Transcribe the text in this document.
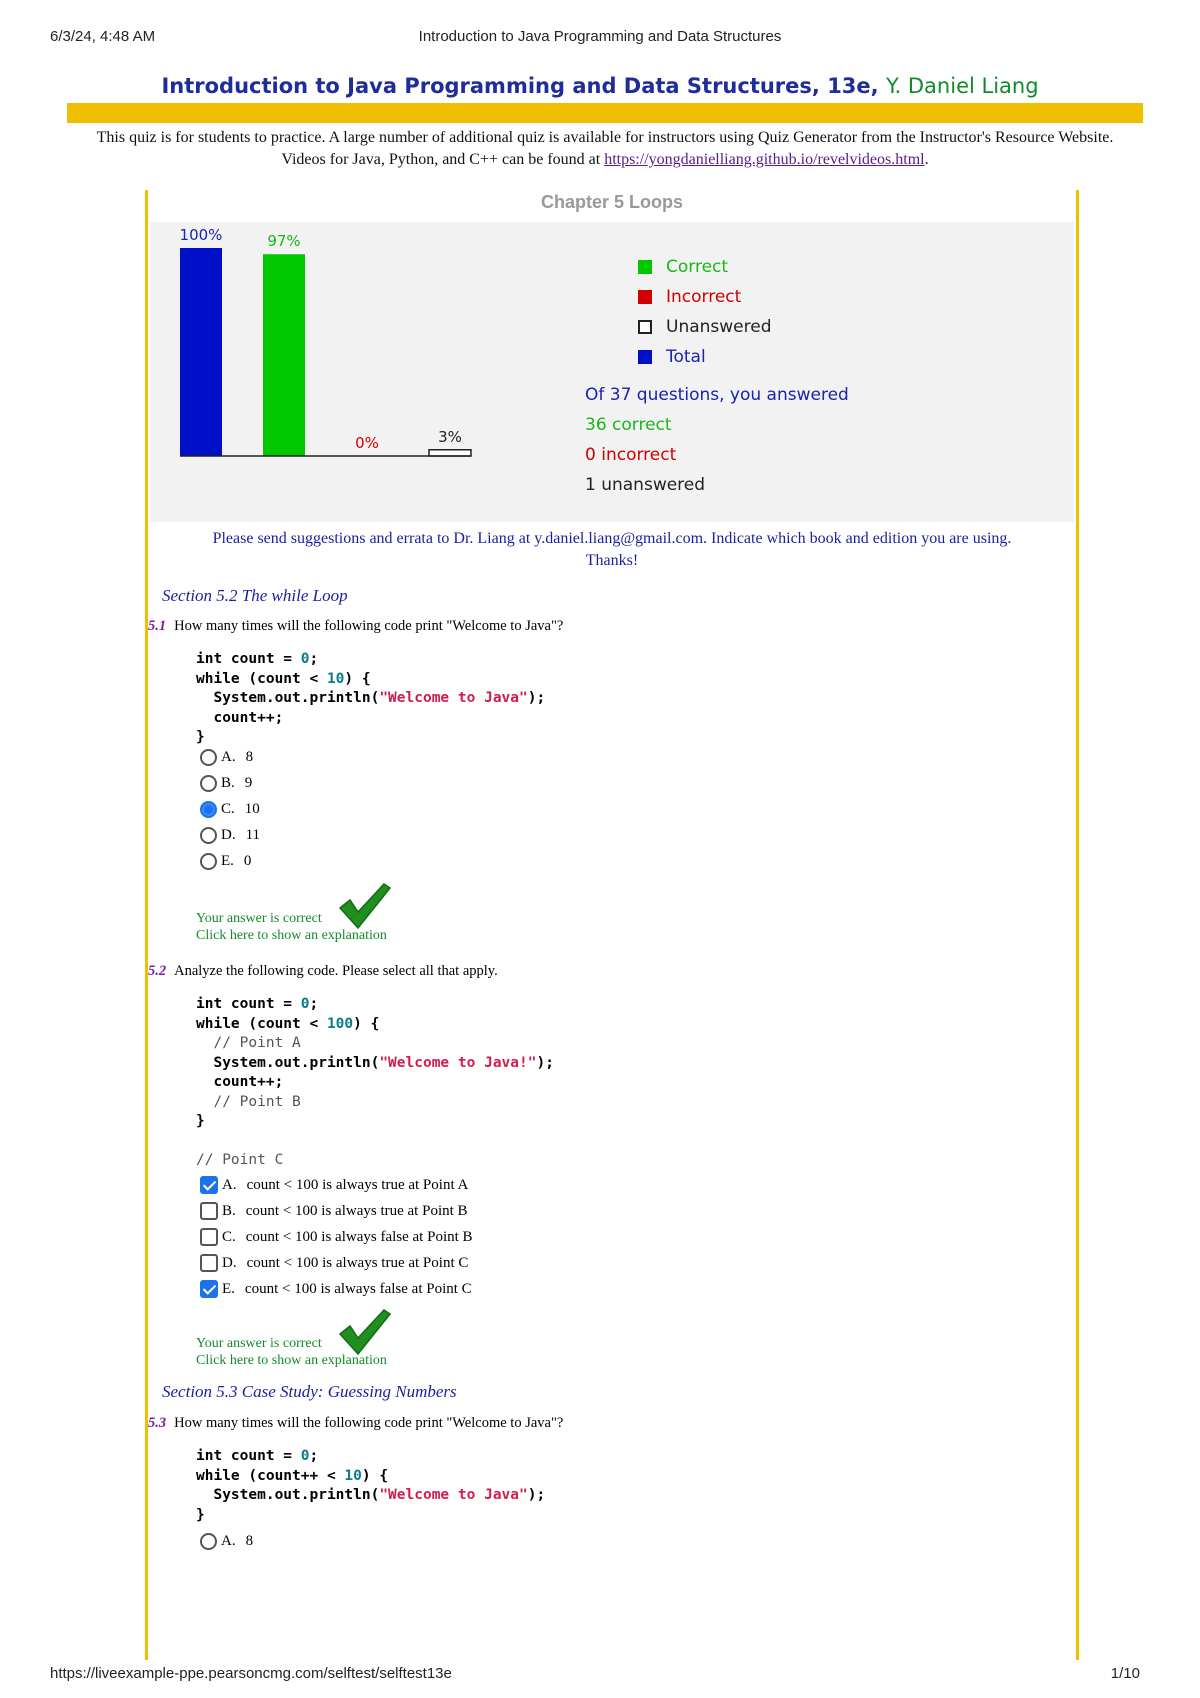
6/3/24, 4:48 AM	Introduction to Java Programming and Data Structures
Introduction to Java Programming and Data Structures, 13e, Y. Daniel Liang
This quiz is for students to practice. A large number of additional quiz is available for instructors using Quiz Generator from the Instructor's Resource Website. Videos for Java, Python, and C++ can be found at https://yongdanielliang.github.io/revelvideos.html.
Chapter 5 Loops
100%	97%
0%	3%
Correct
Incorrect
Unanswered
Total
Of 37 questions, you answered
36 correct
0 incorrect
1 unanswered
Please send suggestions and errata to Dr. Liang at y.daniel.liang@gmail.com. Indicate which book and edition you are using.
Thanks!
Section 5.2 The while Loop
5.1 How many times will the following code print "Welcome to Java"?
int count = 0;
while (count < 10) {
System.out.println("Welcome to Java");
count++;
}
A. 8
B. 9
C. 10
D. 11
E. 0
Your answer is correct
Click here to show an explanation
5.2 Analyze the following code. Please select all that apply.
int count = 0;
while (count < 100) {
// Point A
System.out.println("Welcome to Java!");
count++;
// Point B
}

// Point C
A. count < 100 is always true at Point A
B. count < 100 is always true at Point B
C. count < 100 is always false at Point B
D. count < 100 is always true at Point C
E. count < 100 is always false at Point C
Your answer is correct
Click here to show an explanation
Section 5.3 Case Study: Guessing Numbers
5.3 How many times will the following code print "Welcome to Java"?
int count = 0;
while (count++ < 10) {
System.out.println("Welcome to Java");
}
A. 8
https://liveexample-ppe.pearsoncmg.com/selftest/selftest13e	1/10
